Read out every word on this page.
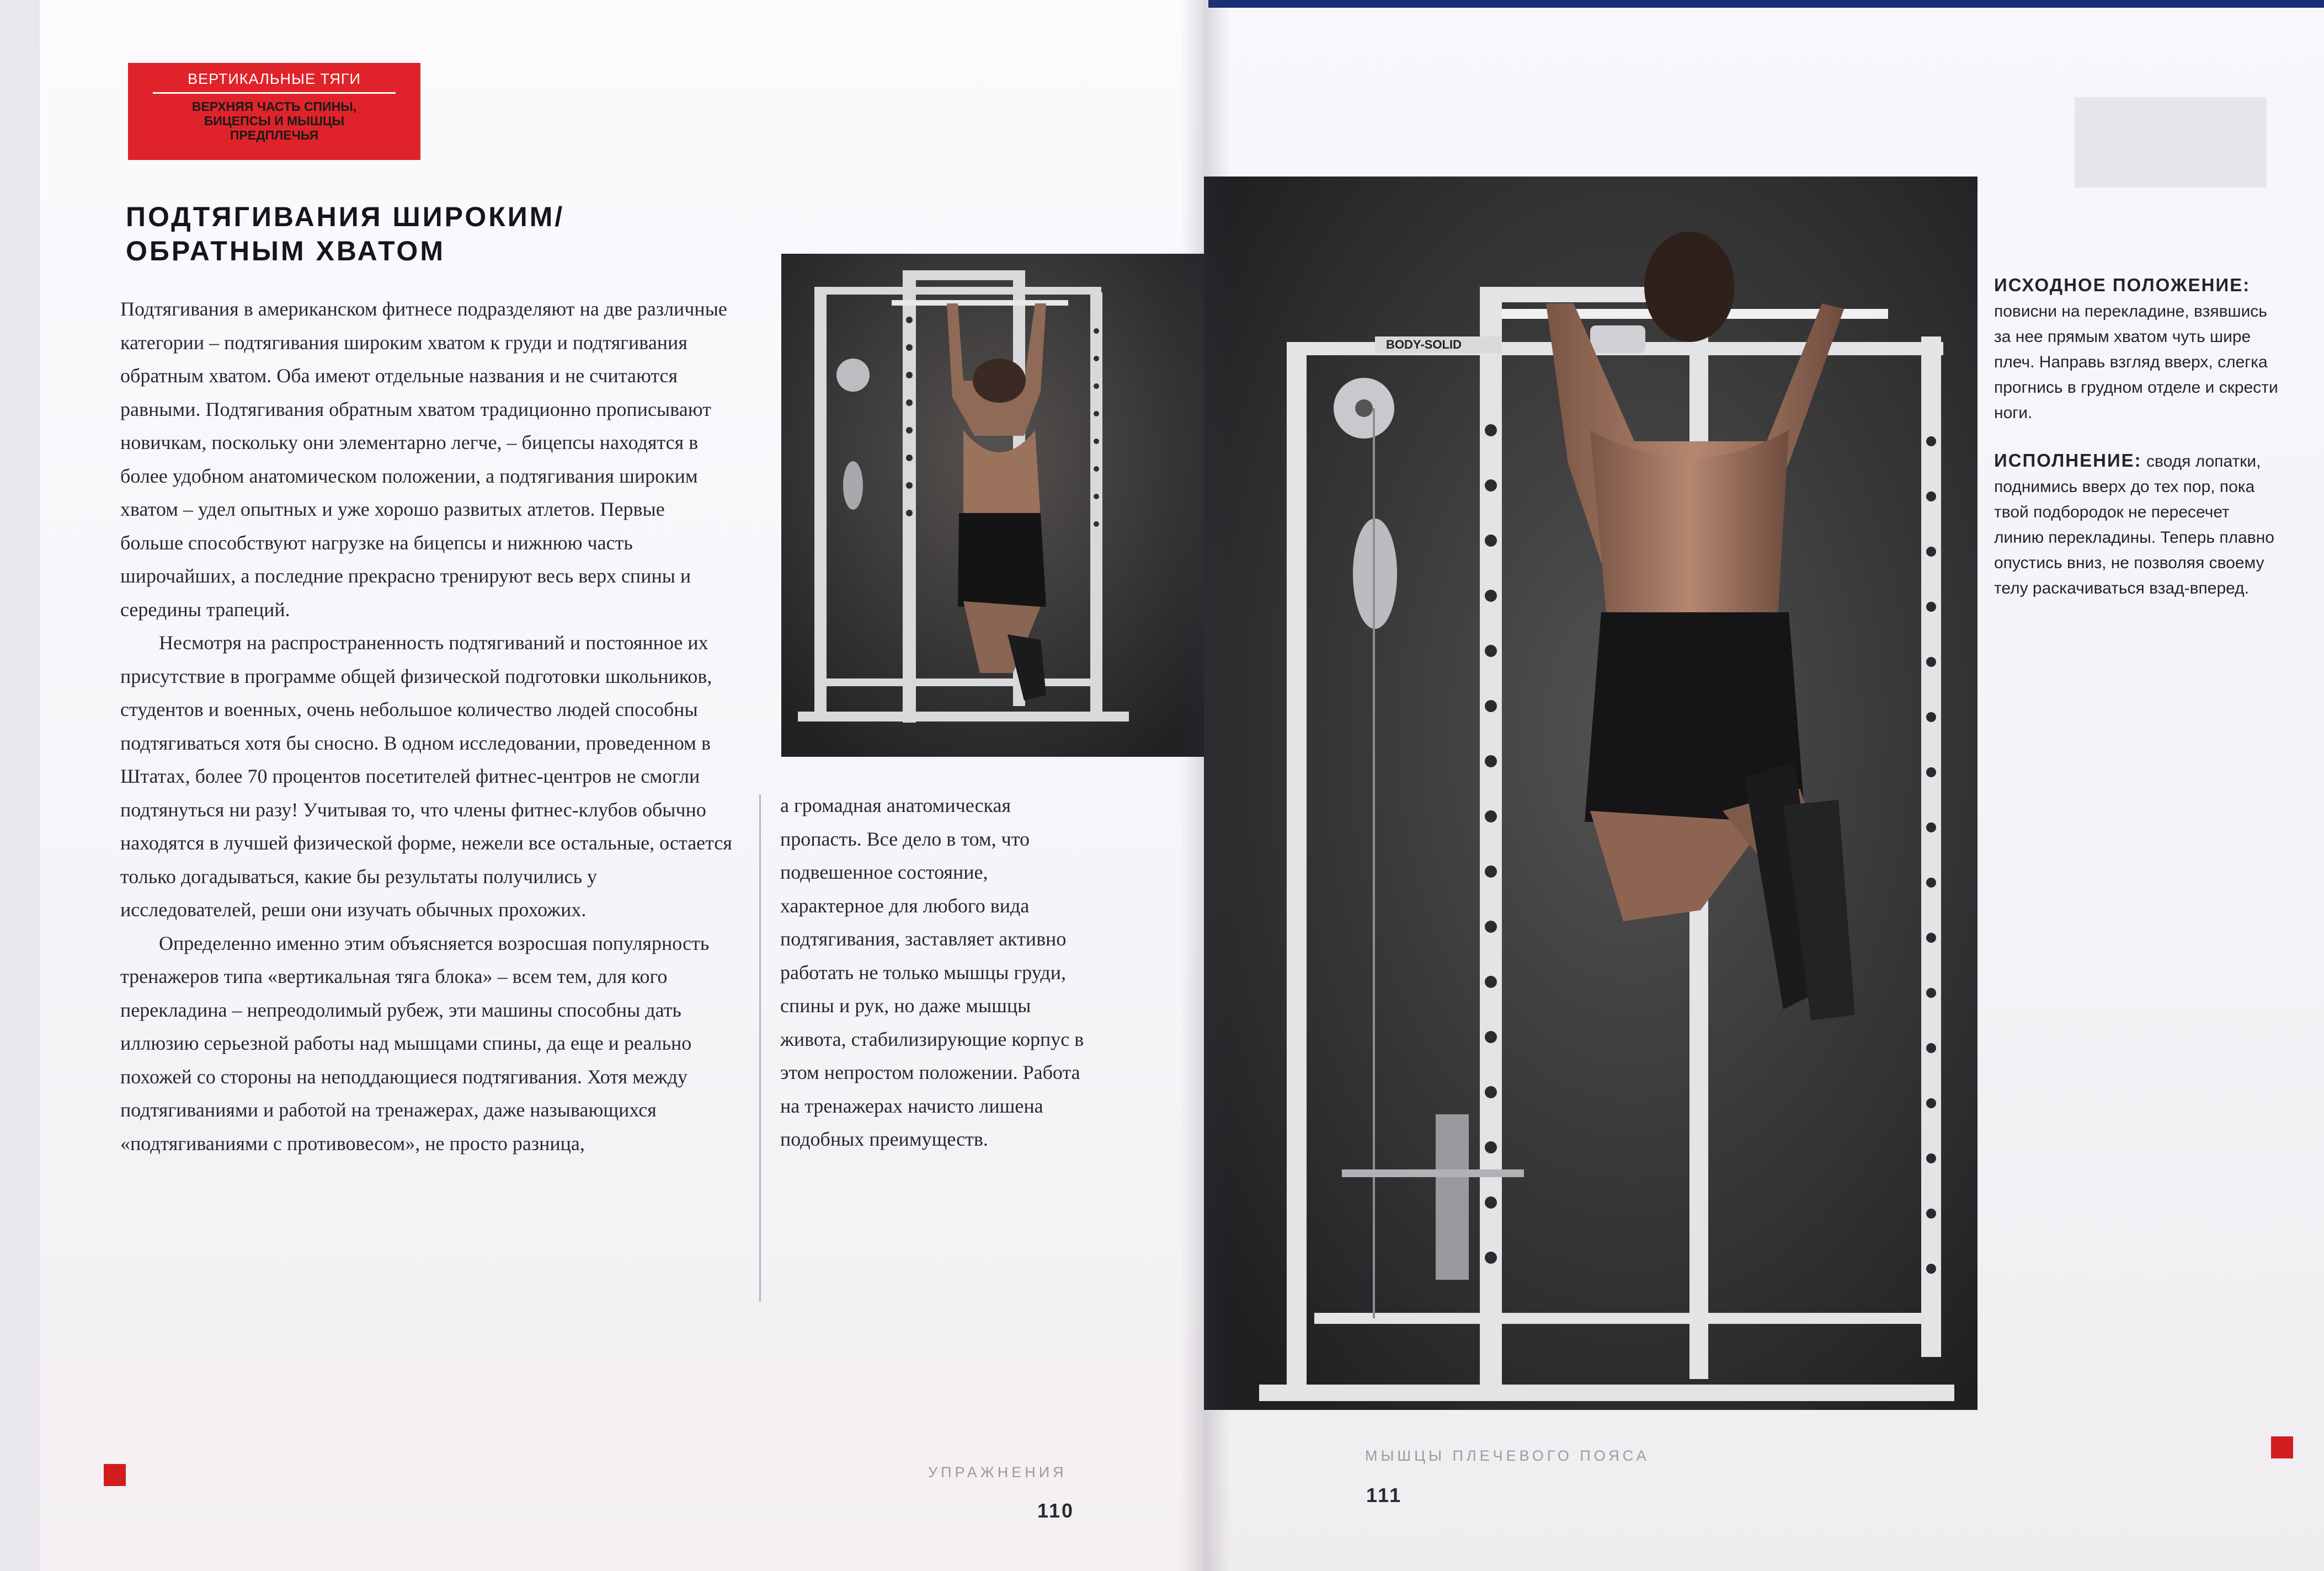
ВЕРТИКАЛЬНЫЕ ТЯГИ
ВЕРХНЯЯ ЧАСТЬ СПИНЫ, БИЦЕПСЫ И МЫШЦЫ ПРЕДПЛЕЧЬЯ
ПОДТЯГИВАНИЯ ШИРОКИМ/
ОБРАТНЫМ ХВАТОМ

Подтягивания в американском фитнесе подразделяют на две различные категории – подтягивания широким хватом к груди и подтягивания обратным хватом. Оба имеют отдельные названия и не считаются равными. Подтягивания обратным хватом традиционно прописывают новичкам, поскольку они элементарно легче, – бицепсы находятся в более удобном анатомическом положении, а подтягивания широким хватом – удел опытных и уже хорошо развитых атлетов. Первые больше способствуют нагрузке на бицепсы и нижнюю часть широчайших, а последние прекрасно тренируют весь верх спины и середины трапеций.

Несмотря на распространенность подтягиваний и постоянное их присутствие в программе общей физической подготовки школьников, студентов и военных, очень небольшое количество людей способны подтягиваться хотя бы сносно. В одном исследовании, проведенном в Штатах, более 70 процентов посетителей фитнес-центров не смогли подтянуться ни разу! Учитывая то, что члены фитнес-клубов обычно находятся в лучшей физической форме, нежели все остальные, остается только догадываться, какие бы результаты получились у исследователей, реши они изучать обычных прохожих.

Определенно именно этим объясняется возросшая популярность тренажеров типа «вертикальная тяга блока» – всем тем, для кого перекладина – непреодолимый рубеж, эти машины способны дать иллюзию серьезной работы над мышцами спины, да еще и реально похожей со стороны на неподдающиеся подтягивания. Хотя между подтягиваниями и работой на тренажерах, даже называющихся «подтягиваниями с противовесом», не просто разница,

а громадная анатомическая пропасть. Все дело в том, что подвешенное состояние, характерное для любого вида подтягивания, заставляет активно работать не только мышцы груди, спины и рук, но даже мышцы живота, стабилизирующие корпус в этом непростом положении. Работа на тренажерах начисто лишена подобных преимуществ.

BODY-SOLID

ИСХОДНОЕ ПОЛОЖЕНИЕ:
повисни на перекладине, взявшись за нее прямым хватом чуть шире плеч. Направь взгляд вверх, слегка прогнись в грудном отделе и скрести ноги.

ИСПОЛНЕНИЕ: сводя лопатки, поднимись вверх до тех пор, пока твой подбородок не пересечет линию перекладины. Теперь плавно опустись вниз, не позволяя своему телу раскачиваться взад-вперед.

УПРАЖНЕНИЯ
110
МЫШЦЫ ПЛЕЧЕВОГО ПОЯСА
111
